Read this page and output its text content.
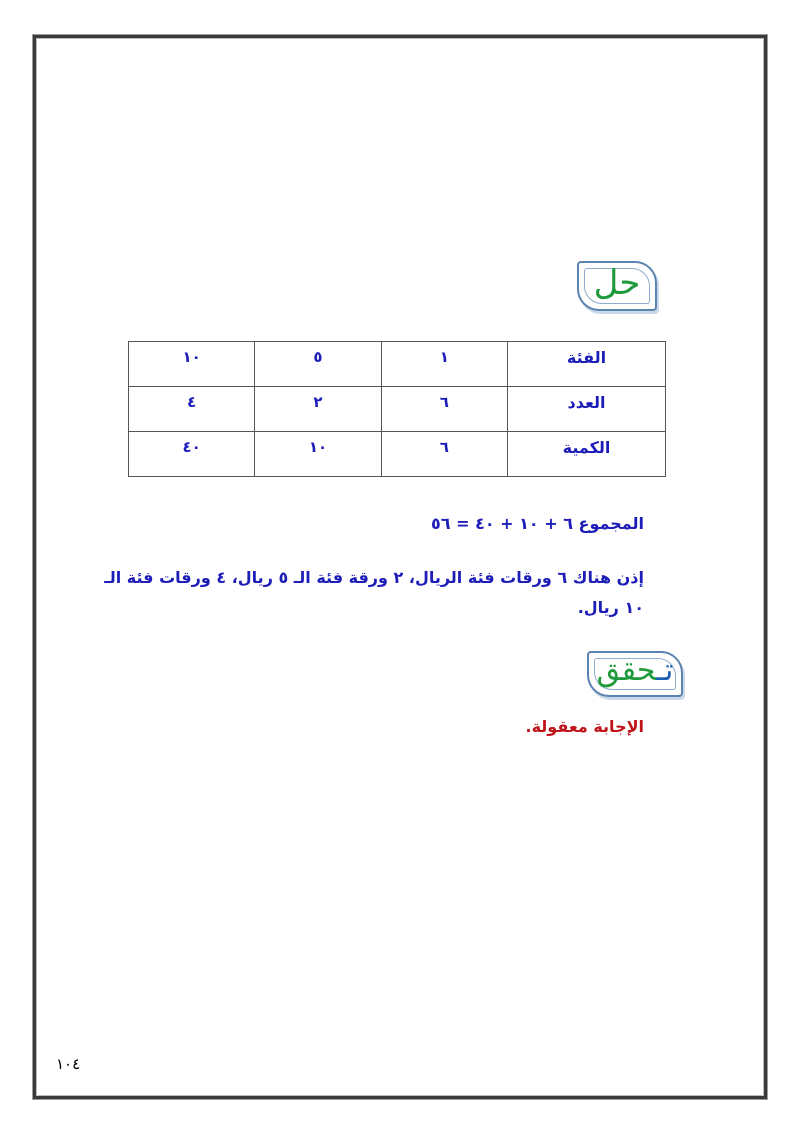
حل
الفئة	١	٥	١٠
العدد	٦	٢	٤
الكمية	٦	١٠	٤٠
المجموع ٦ + ١٠ + ٤٠ = ٥٦
إذن هناك ٦ ورقات فئة الريال، ٢ ورقة فئة الـ ٥ ريال، ٤ ورقات فئة الـ ١٠ ريال.
تـحقق
الإجابة معقولة.
١٠٤
